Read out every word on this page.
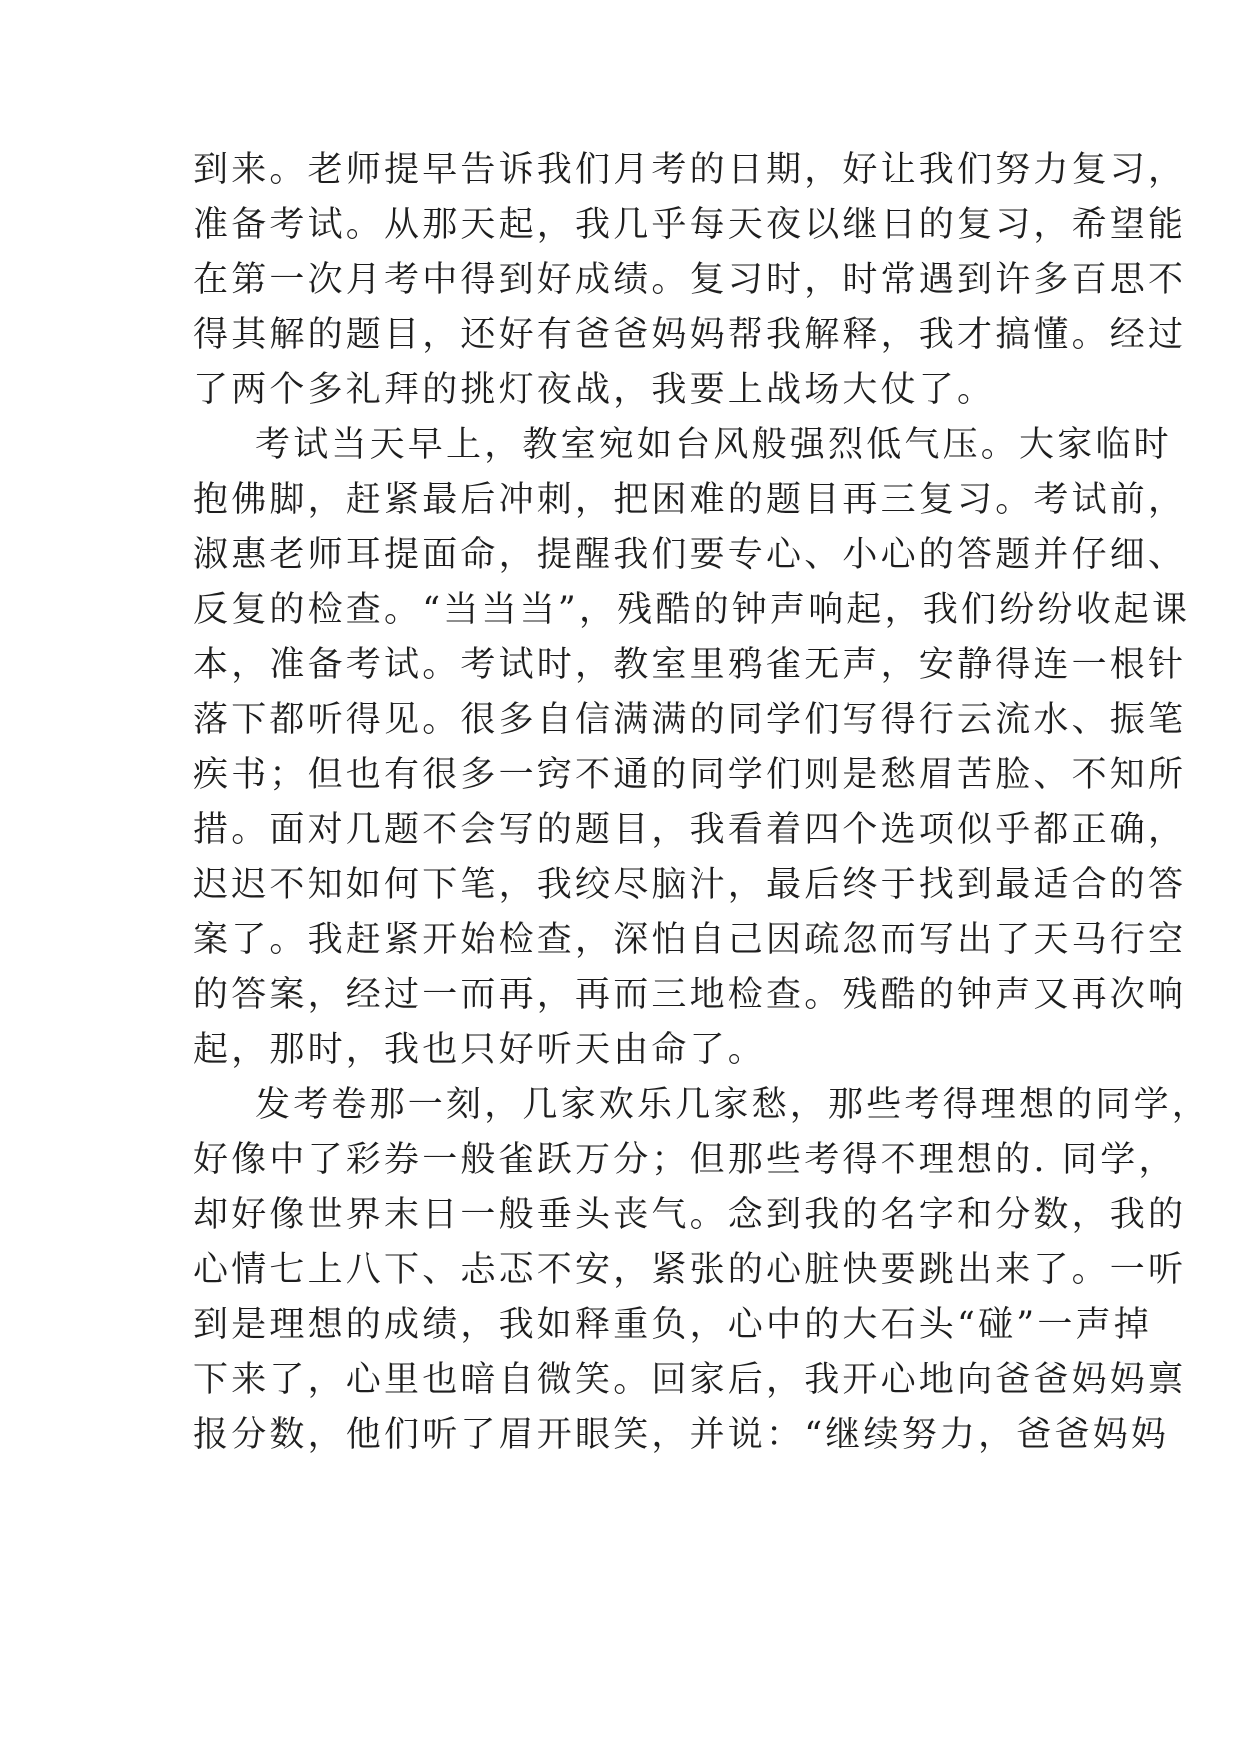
到来。老师提早告诉我们月考的日期，好让我们努力复习，
准备考试。从那天起，我几乎每天夜以继日的复习，希望能
在第一次月考中得到好成绩。复习时，时常遇到许多百思不
得其解的题目，还好有爸爸妈妈帮我解释，我才搞懂。经过
了两个多礼拜的挑灯夜战，我要上战场大仗了。
考试当天早上，教室宛如台风般强烈低气压。大家临时
抱佛脚，赶紧最后冲刺，把困难的题目再三复习。考试前，
淑惠老师耳提面命，提醒我们要专心、小心的答题并仔细、
反复的检查。“当当当”，残酷的钟声响起，我们纷纷收起课
本，准备考试。考试时，教室里鸦雀无声，安静得连一根针
落下都听得见。很多自信满满的同学们写得行云流水、振笔
疾书；但也有很多一窍不通的同学们则是愁眉苦脸、不知所
措。面对几题不会写的题目，我看着四个选项似乎都正确，
迟迟不知如何下笔，我绞尽脑汁，最后终于找到最适合的答
案了。我赶紧开始检查，深怕自己因疏忽而写出了天马行空
的答案，经过一而再，再而三地检查。残酷的钟声又再次响
起，那时，我也只好听天由命了。
发考卷那一刻，几家欢乐几家愁，那些考得理想的同学，
好像中了彩券一般雀跃万分；但那些考得不理想的. 同学，
却好像世界末日一般垂头丧气。念到我的名字和分数，我的
心情七上八下、忐忑不安，紧张的心脏快要跳出来了。一听
到是理想的成绩，我如释重负，心中的大石头“碰”一声掉
下来了，心里也暗自微笑。回家后，我开心地向爸爸妈妈禀
报分数，他们听了眉开眼笑，并说：“继续努力，爸爸妈妈
